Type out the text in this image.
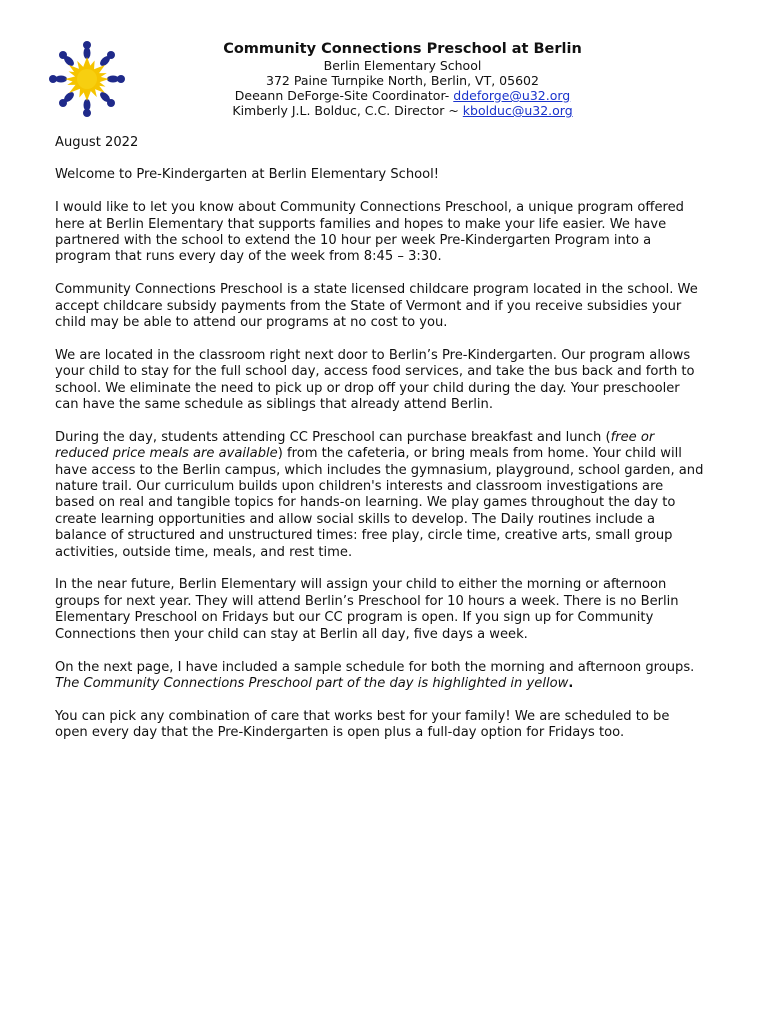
Community Connections Preschool at Berlin
Berlin Elementary School
372 Paine Turnpike North, Berlin, VT, 05602
Deeann DeForge-Site Coordinator- ddeforge@u32.org
Kimberly J.L. Bolduc, C.C. Director ~ kbolduc@u32.org

August 2022

Welcome to Pre-Kindergarten at Berlin Elementary School!

I would like to let you know about Community Connections Preschool, a unique program offered here at Berlin Elementary that supports families and hopes to make your life easier. We have partnered with the school to extend the 10 hour per week Pre-Kindergarten Program into a program that runs every day of the week from 8:45 – 3:30.

Community Connections Preschool is a state licensed childcare program located in the school. We accept childcare subsidy payments from the State of Vermont and if you receive subsidies your child may be able to attend our programs at no cost to you.

We are located in the classroom right next door to Berlin’s Pre-Kindergarten. Our program allows your child to stay for the full school day, access food services, and take the bus back and forth to school. We eliminate the need to pick up or drop off your child during the day. Your preschooler can have the same schedule as siblings that already attend Berlin.

During the day, students attending CC Preschool can purchase breakfast and lunch (free or reduced price meals are available) from the cafeteria, or bring meals from home. Your child will have access to the Berlin campus, which includes the gymnasium, playground, school garden, and nature trail. Our curriculum builds upon children's interests and classroom investigations are based on real and tangible topics for hands-on learning. We play games throughout the day to create learning opportunities and allow social skills to develop. The Daily routines include a balance of structured and unstructured times: free play, circle time, creative arts, small group activities, outside time, meals, and rest time.

In the near future, Berlin Elementary will assign your child to either the morning or afternoon groups for next year. They will attend Berlin’s Preschool for 10 hours a week. There is no Berlin Elementary Preschool on Fridays but our CC program is open. If you sign up for Community Connections then your child can stay at Berlin all day, five days a week.

On the next page, I have included a sample schedule for both the morning and afternoon groups. The Community Connections Preschool part of the day is highlighted in yellow.

You can pick any combination of care that works best for your family! We are scheduled to be open every day that the Pre-Kindergarten is open plus a full-day option for Fridays too.
